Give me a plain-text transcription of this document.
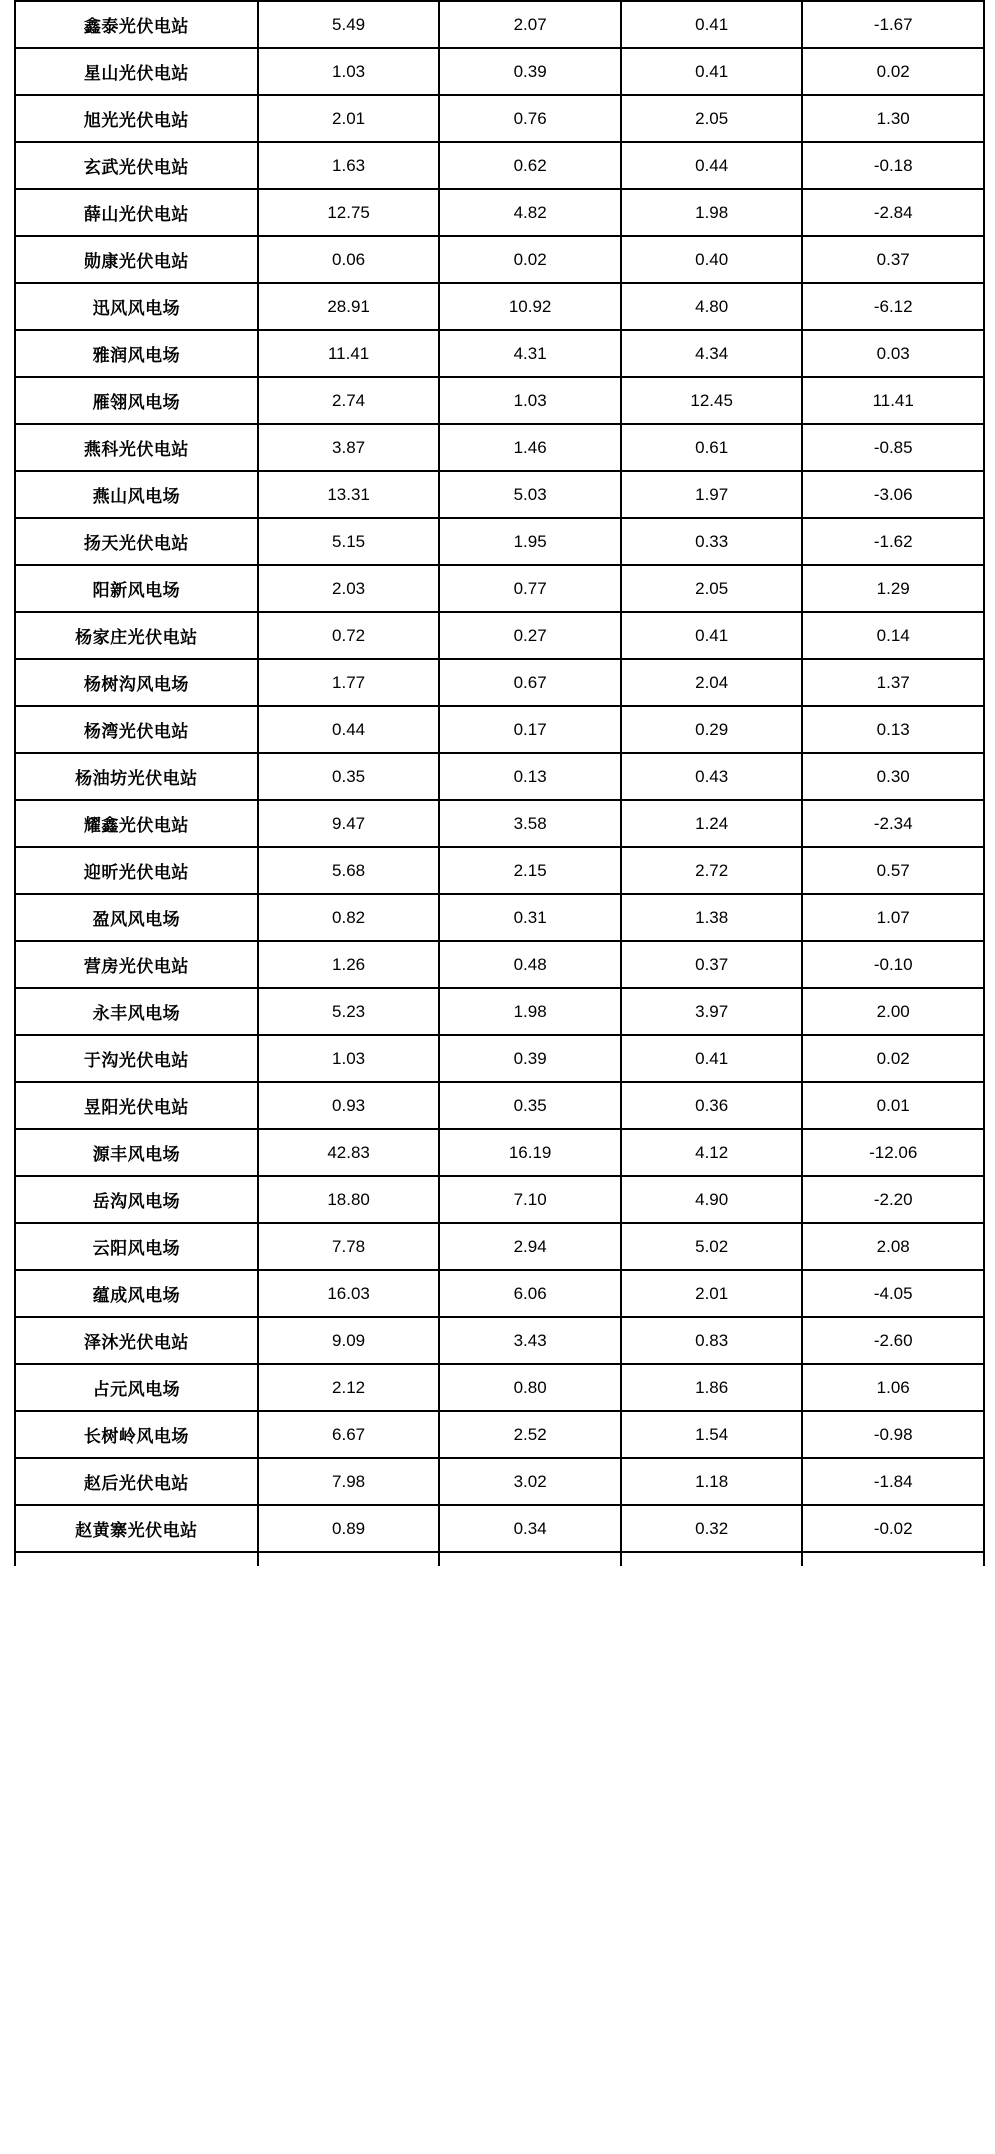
鑫泰光伏电站	5.49	2.07	0.41	-1.67
星山光伏电站	1.03	0.39	0.41	0.02
旭光光伏电站	2.01	0.76	2.05	1.30
玄武光伏电站	1.63	0.62	0.44	-0.18
薛山光伏电站	12.75	4.82	1.98	-2.84
勋康光伏电站	0.06	0.02	0.40	0.37
迅风风电场	28.91	10.92	4.80	-6.12
雅润风电场	11.41	4.31	4.34	0.03
雁翎风电场	2.74	1.03	12.45	11.41
燕科光伏电站	3.87	1.46	0.61	-0.85
燕山风电场	13.31	5.03	1.97	-3.06
扬天光伏电站	5.15	1.95	0.33	-1.62
阳新风电场	2.03	0.77	2.05	1.29
杨家庄光伏电站	0.72	0.27	0.41	0.14
杨树沟风电场	1.77	0.67	2.04	1.37
杨湾光伏电站	0.44	0.17	0.29	0.13
杨油坊光伏电站	0.35	0.13	0.43	0.30
耀鑫光伏电站	9.47	3.58	1.24	-2.34
迎昕光伏电站	5.68	2.15	2.72	0.57
盈风风电场	0.82	0.31	1.38	1.07
营房光伏电站	1.26	0.48	0.37	-0.10
永丰风电场	5.23	1.98	3.97	2.00
于沟光伏电站	1.03	0.39	0.41	0.02
昱阳光伏电站	0.93	0.35	0.36	0.01
源丰风电场	42.83	16.19	4.12	-12.06
岳沟风电场	18.80	7.10	4.90	-2.20
云阳风电场	7.78	2.94	5.02	2.08
蕴成风电场	16.03	6.06	2.01	-4.05
泽沐光伏电站	9.09	3.43	0.83	-2.60
占元风电场	2.12	0.80	1.86	1.06
长树岭风电场	6.67	2.52	1.54	-0.98
赵后光伏电站	7.98	3.02	1.18	-1.84
赵黄寨光伏电站	0.89	0.34	0.32	-0.02
